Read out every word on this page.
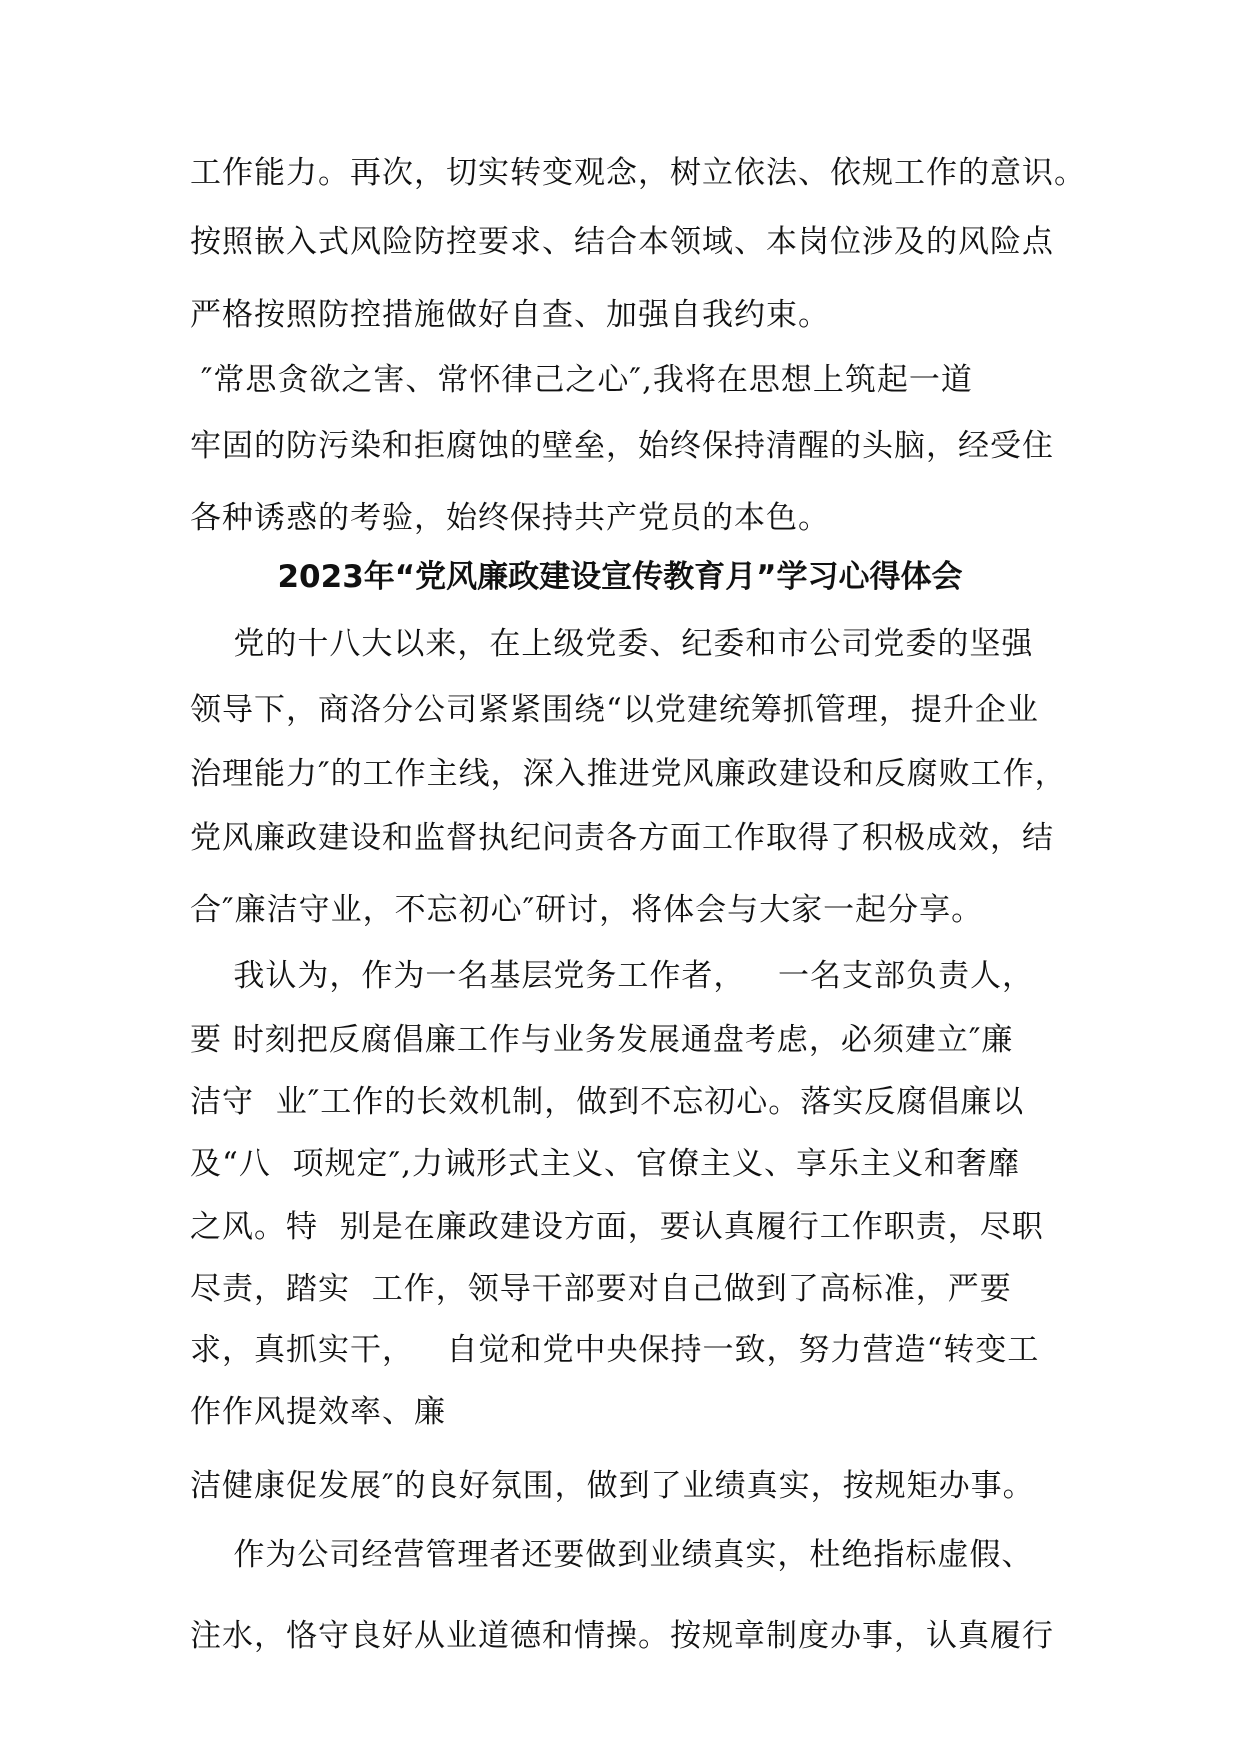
工作能力。再次，切实转变观念，树立依法、依规工作的意识。
按照嵌入式风险防控要求、结合本领域、本岗位涉及的风险点
严格按照防控措施做好自查、加强自我约束。
″常思贪欲之害、常怀律己之心″,我将在思想上筑起一道
牢固的防污染和拒腐蚀的壁垒，始终保持清醒的头脑，经受住
各种诱惑的考验，始终保持共产党员的本色。
2023年“党风廉政建设宣传教育月”学习心得体会
党的十八大以来，在上级党委、纪委和市公司党委的坚强
领导下，商洛分公司紧紧围绕“以党建统筹抓管理，提升企业
治理能力″的工作主线，深入推进党风廉政建设和反腐败工作，
党风廉政建设和监督执纪问责各方面工作取得了积极成效，结
合″廉洁守业，不忘初心″研讨，将体会与大家一起分享。
我认为，作为一名基层党务工作者，   一名支部负责人，
要 时刻把反腐倡廉工作与业务发展通盘考虑，必须建立″廉
洁守  业″工作的长效机制，做到不忘初心。落实反腐倡廉以
及“八  项规定″,力诫形式主义、官僚主义、享乐主义和奢靡
之风。特  别是在廉政建设方面，要认真履行工作职责，尽职
尽责，踏实  工作，领导干部要对自己做到了高标准，严要
求，真抓实干，   自觉和党中央保持一致，努力营造“转变工
作作风提效率、廉
洁健康促发展″的良好氛围，做到了业绩真实，按规矩办事。
作为公司经营管理者还要做到业绩真实，杜绝指标虚假、
注水，恪守良好从业道德和情操。按规章制度办事，认真履行
